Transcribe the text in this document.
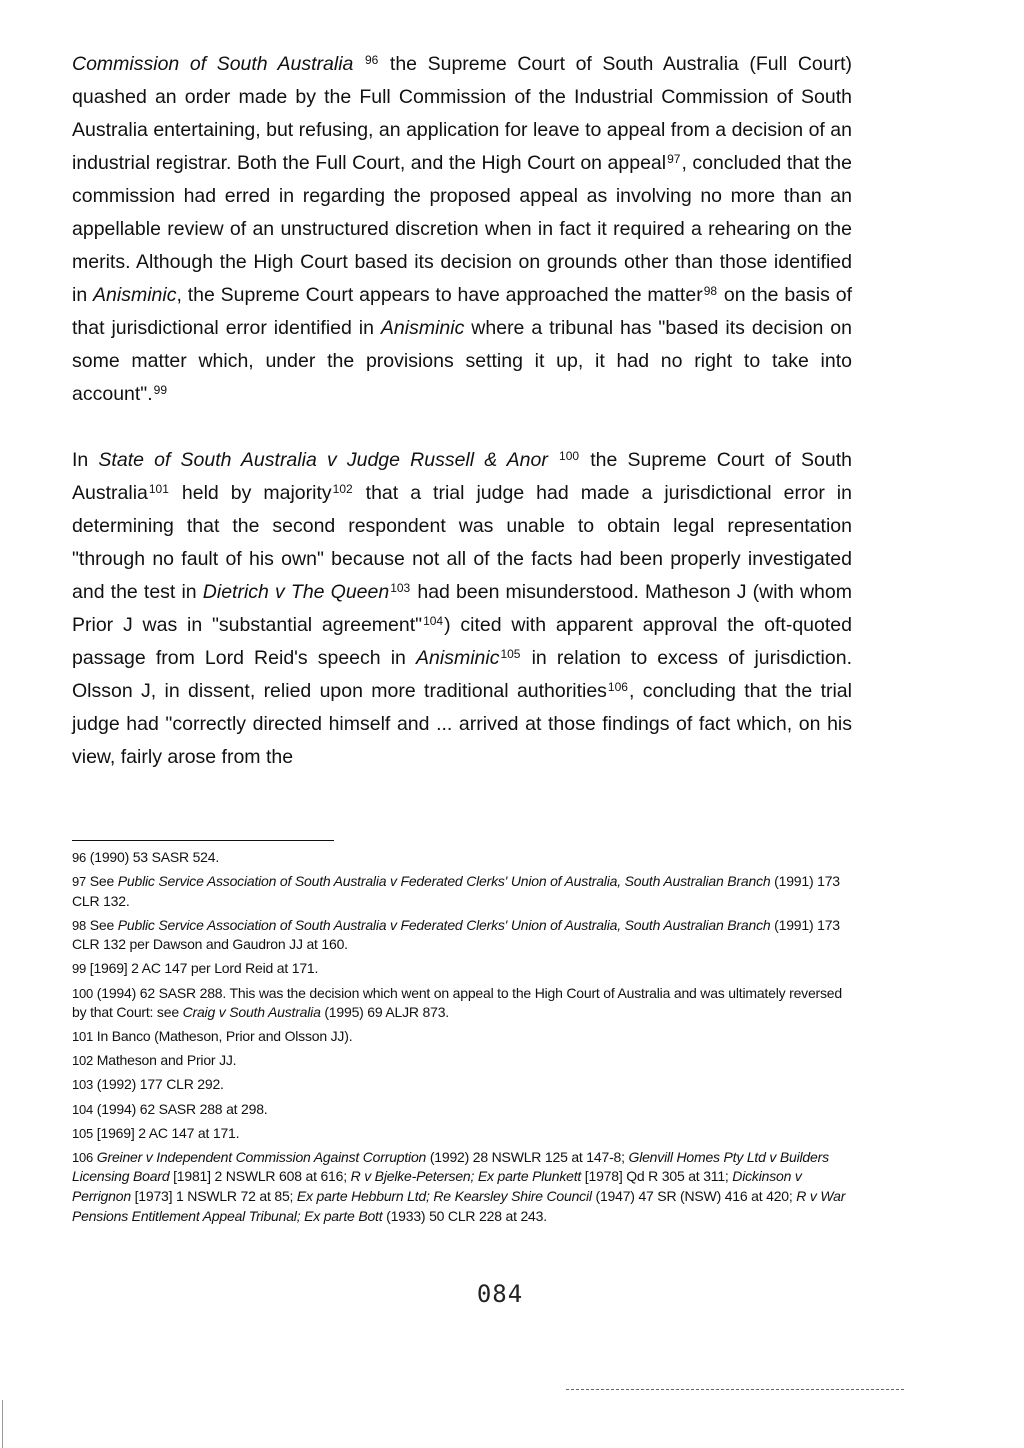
Commission of South Australia $^{96}$ the Supreme Court of South Australia (Full Court) quashed an order made by the Full Commission of the Industrial Commission of South Australia entertaining, but refusing, an application for leave to appeal from a decision of an industrial registrar. Both the Full Court, and the High Court on appeal$^{97}$, concluded that the commission had erred in regarding the proposed appeal as involving no more than an appellable review of an unstructured discretion when in fact it required a rehearing on the merits. Although the High Court based its decision on grounds other than those identified in Anisminic, the Supreme Court appears to have approached the matter$^{98}$ on the basis of that jurisdictional error identified in Anisminic where a tribunal has "based its decision on some matter which, under the provisions setting it up, it had no right to take into account".$^{99}$

In State of South Australia v Judge Russell & Anor $^{100}$ the Supreme Court of South Australia$^{101}$ held by majority$^{102}$ that a trial judge had made a jurisdictional error in determining that the second respondent was unable to obtain legal representation "through no fault of his own" because not all of the facts had been properly investigated and the test in Dietrich v The Queen$^{103}$ had been misunderstood. Matheson J (with whom Prior J was in "substantial agreement"$^{104}$) cited with apparent approval the oft-quoted passage from Lord Reid's speech in Anisminic$^{105}$ in relation to excess of jurisdiction. Olsson J, in dissent, relied upon more traditional authorities$^{106}$, concluding that the trial judge had "correctly directed himself and ... arrived at those findings of fact which, on his view, fairly arose from the

96 (1990) 53 SASR 524.
97 See Public Service Association of South Australia v Federated Clerks' Union of Australia, South Australian Branch (1991) 173 CLR 132.
98 See Public Service Association of South Australia v Federated Clerks' Union of Australia, South Australian Branch (1991) 173 CLR 132 per Dawson and Gaudron JJ at 160.
99 [1969] 2 AC 147 per Lord Reid at 171.
100 (1994) 62 SASR 288. This was the decision which went on appeal to the High Court of Australia and was ultimately reversed by that Court: see Craig v South Australia (1995) 69 ALJR 873.
101 In Banco (Matheson, Prior and Olsson JJ).
102 Matheson and Prior JJ.
103 (1992) 177 CLR 292.
104 (1994) 62 SASR 288 at 298.
105 [1969] 2 AC 147 at 171.
106 Greiner v Independent Commission Against Corruption (1992) 28 NSWLR 125 at 147-8; Glenvill Homes Pty Ltd v Builders Licensing Board [1981] 2 NSWLR 608 at 616; R v Bjelke-Petersen; Ex parte Plunkett [1978] Qd R 305 at 311; Dickinson v Perrignon [1973] 1 NSWLR 72 at 85; Ex parte Hebburn Ltd; Re Kearsley Shire Council (1947) 47 SR (NSW) 416 at 420; R v War Pensions Entitlement Appeal Tribunal; Ex parte Bott (1933) 50 CLR 228 at 243.
084
